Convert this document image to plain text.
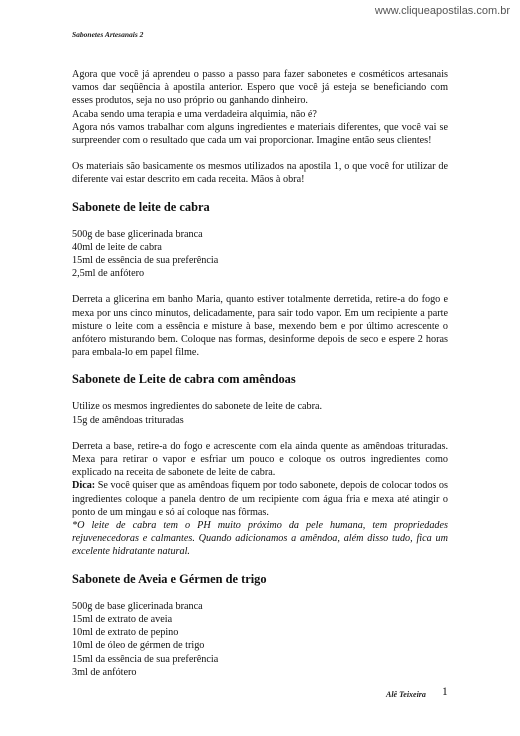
www.cliqueapostilas.com.br
Sabonetes Artesanais 2

Agora que você já aprendeu o passo a passo para fazer sabonetes e cosméticos artesanais vamos dar seqüência à apostila anterior. Espero que você já esteja se beneficiando com esses produtos, seja no uso próprio ou ganhando dinheiro.

Acaba sendo uma terapia e uma verdadeira alquimia, não é?

Agora nós vamos trabalhar com alguns ingredientes e materiais diferentes, que você vai se surpreender com o resultado que cada um vai proporcionar. Imagine então seus clientes!

Os materiais são basicamente os mesmos utilizados na apostila 1, o que você for utilizar de diferente vai estar descrito em cada receita. Mãos à obra!

Sabonete de leite de cabra

500g de base glicerinada branca

40ml de leite de cabra

15ml de essência de sua preferência

2,5ml de anfótero

Derreta a glicerina em banho Maria, quanto estiver totalmente derretida, retire-a do fogo e mexa por uns cinco minutos, delicadamente, para sair todo vapor. Em um recipiente a parte misture o leite com a essência e misture à base, mexendo bem e por último acrescente o anfótero misturando bem. Coloque nas formas, desinforme depois de seco e espere 2 horas para embala-lo em papel filme.

Sabonete de Leite de cabra com amêndoas

Utilize os mesmos ingredientes do sabonete de leite de cabra.

15g de amêndoas trituradas

Derreta a base, retire-a do fogo e acrescente com ela ainda quente as amêndoas trituradas. Mexa para retirar o vapor e esfriar um pouco e coloque os outros ingredientes como explicado na receita de sabonete de leite de cabra.

Dica: Se você quiser que as amêndoas fiquem por todo sabonete, depois de colocar todos os ingredientes coloque a panela dentro de um recipiente com água fria e mexa até atingir o ponto de um mingau e só aí coloque nas fôrmas.

*O leite de cabra tem o PH muito próximo da pele humana, tem propriedades rejuvenecedoras e calmantes. Quando adicionamos a amêndoa, além disso tudo, fica um excelente hidratante natural.

Sabonete de Aveia e Gérmen de trigo

500g de base glicerinada branca

15ml de extrato de aveia

10ml de extrato de pepino

10ml de óleo de gérmen de trigo

15ml da essência de sua preferência

3ml de anfótero

Alê Teixeira 1
